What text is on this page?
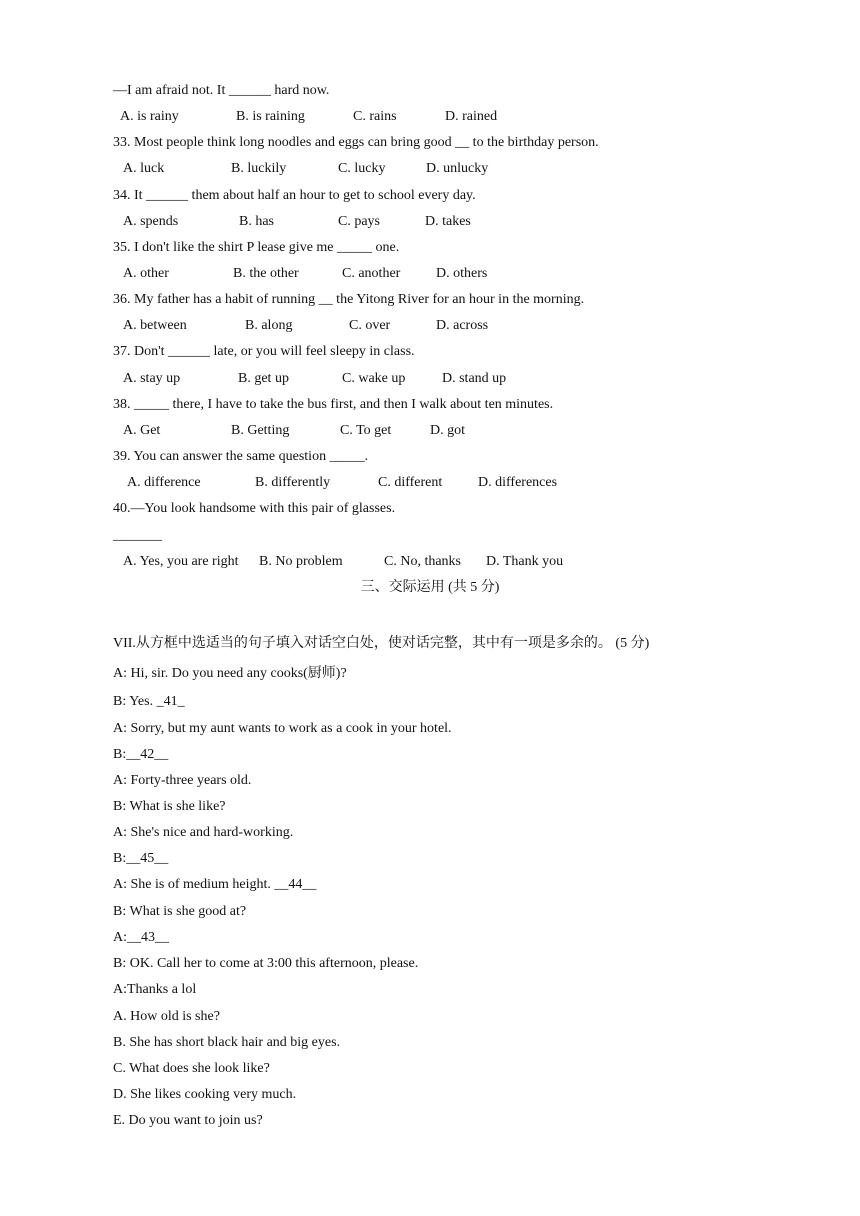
—I am afraid not. It ______ hard now.
A. is rainy	B. is raining	C. rains	D. rained
33. Most people think long noodles and eggs can bring good __ to the birthday person.
A. luck	B. luckily	C. lucky	D. unlucky
34. It ______ them about half an hour to get to school every day.
A. spends	B. has	C. pays	D. takes
35. I don't like the shirt P lease give me _____ one.
A. other	B. the other	C. another	D. others
36. My father has a habit of running __ the Yitong River for an hour in the morning.
A. between	B. along	C. over	D. across
37. Don't ______ late, or you will feel sleepy in class.
A. stay up	B. get up	C. wake up	D. stand up
38. _____ there, I have to take the bus first, and then I walk about ten minutes.
A. Get	B. Getting	C. To get	D. got
39. You can answer the same question _____.
A. difference	B. differently	C. different	D. differences
40.—You look handsome with this pair of glasses.
_______
A. Yes, you are right B. No problem	C. No, thanks D. Thank you
三、交际运用 (共 5 分)
VII.从方框中选适当的句子填入对话空白处，使对话完整，其中有一项是多余的。 (5 分)
A: Hi, sir. Do you need any cooks(厨师)?
B: Yes. _41_
A: Sorry, but my aunt wants to work as a cook in your hotel.
B:__42__
A: Forty-three years old.
B: What is she like?
A: She's nice and hard-working.
B:__45__
A: She is of medium height. __44__
B: What is she good at?
A:__43__
B: OK. Call her to come at 3:00 this afternoon, please.
A:Thanks a lol
A. How old is she?
B. She has short black hair and big eyes.
C. What does she look like?
D. She likes cooking very much.
E. Do you want to join us?
